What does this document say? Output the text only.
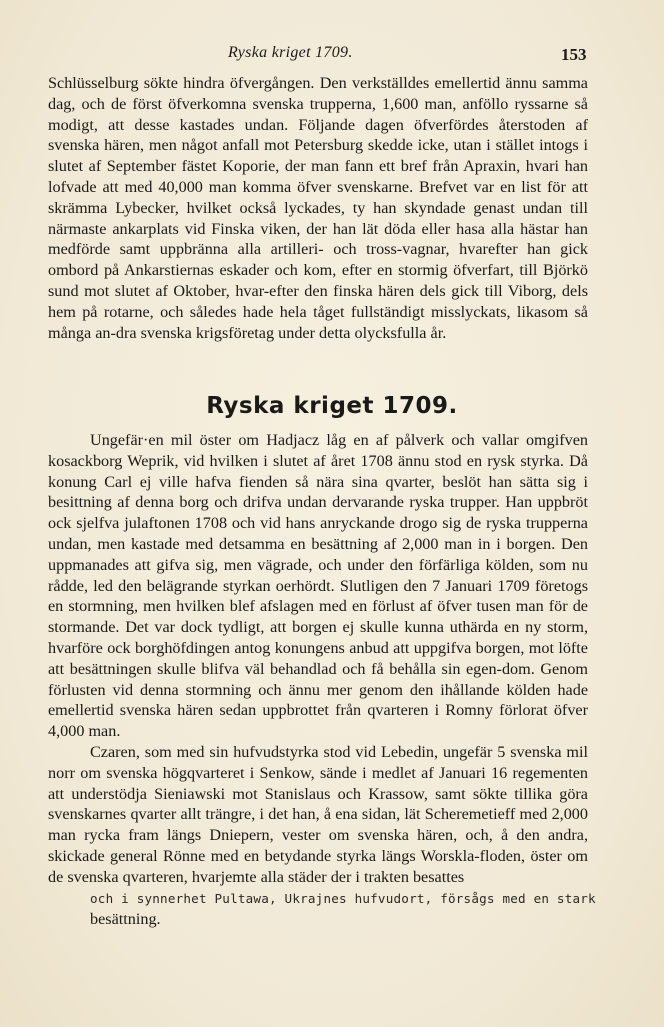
Ryska kriget 1709.	153

Schlüsselburg sökte hindra öfvergången. Den verkställdes emellertid ännu samma dag, och de först öfverkomna svenska trupperna, 1,600 man, anföllo ryssarne så modigt, att desse kastades undan. Följande dagen öfverfördes återstoden af svenska hären, men något anfall mot Petersburg skedde icke, utan i stället intogs i slutet af September fästet Koporie, der man fann ett bref från Apraxin, hvari han lofvade att med 40,000 man komma öfver svenskarne. Brefvet var en list för att skrämma Lybecker, hvilket också lyckades, ty han skyndade genast undan till närmaste ankarplats vid Finska viken, der han lät döda eller hasa alla hästar han medförde samt uppbränna alla artilleri- och tross-vagnar, hvarefter han gick ombord på Ankarstiernas eskader och kom, efter en stormig öfverfart, till Björkö sund mot slutet af Oktober, hvar-efter den finska hären dels gick till Viborg, dels hem på rotarne, och således hade hela tåget fullständigt misslyckats, likasom så många an-dra svenska krigsföretag under detta olycksfulla år.

Ryska kriget 1709.

Ungefär·en mil öster om Hadjacz låg en af pålverk och vallar omgifven kosackborg Weprik, vid hvilken i slutet af året 1708 ännu stod en rysk styrka. Då konung Carl ej ville hafva fienden så nära sina qvarter, beslöt han sätta sig i besittning af denna borg och drifva undan dervarande ryska trupper. Han uppbröt ock sjelfva julaftonen 1708 och vid hans anryckande drogo sig de ryska trupperna undan, men kastade med detsamma en besättning af 2,000 man in i borgen. Den uppmanades att gifva sig, men vägrade, och under den förfärliga kölden, som nu rådde, led den belägrande styrkan oerhördt. Slutligen den 7 Januari 1709 företogs en stormning, men hvilken blef afslagen med en förlust af öfver tusen man för de stormande. Det var dock tydligt, att borgen ej skulle kunna uthärda en ny storm, hvarföre ock borghöfdingen antog konungens anbud att uppgifva borgen, mot löfte att besättningen skulle blifva väl behandlad och få behålla sin egen-dom. Genom förlusten vid denna stormning och ännu mer genom den ihållande kölden hade emellertid svenska hären sedan uppbrottet från qvarteren i Romny förlorat öfver 4,000 man.

Czaren, som med sin hufvudstyrka stod vid Lebedin, ungefär 5 svenska mil norr om svenska högqvarteret i Senkow, sände i medlet af Januari 16 regementen att understödja Sieniawski mot Stanislaus och Krassow, samt sökte tillika göra svenskarnes qvarter allt trängre, i det han, å ena sidan, lät Scheremetieff med 2,000 man rycka fram längs Dniepern, vester om svenska hären, och, å den andra, skickade general Rönne med en betydande styrka längs Worskla-floden, öster om de svenska qvarteren, hvarjemte alla städer der i trakten besattes
och i synnerhet Pultawa, Ukrajnes hufvudort, försågs med en stark
besättning.
